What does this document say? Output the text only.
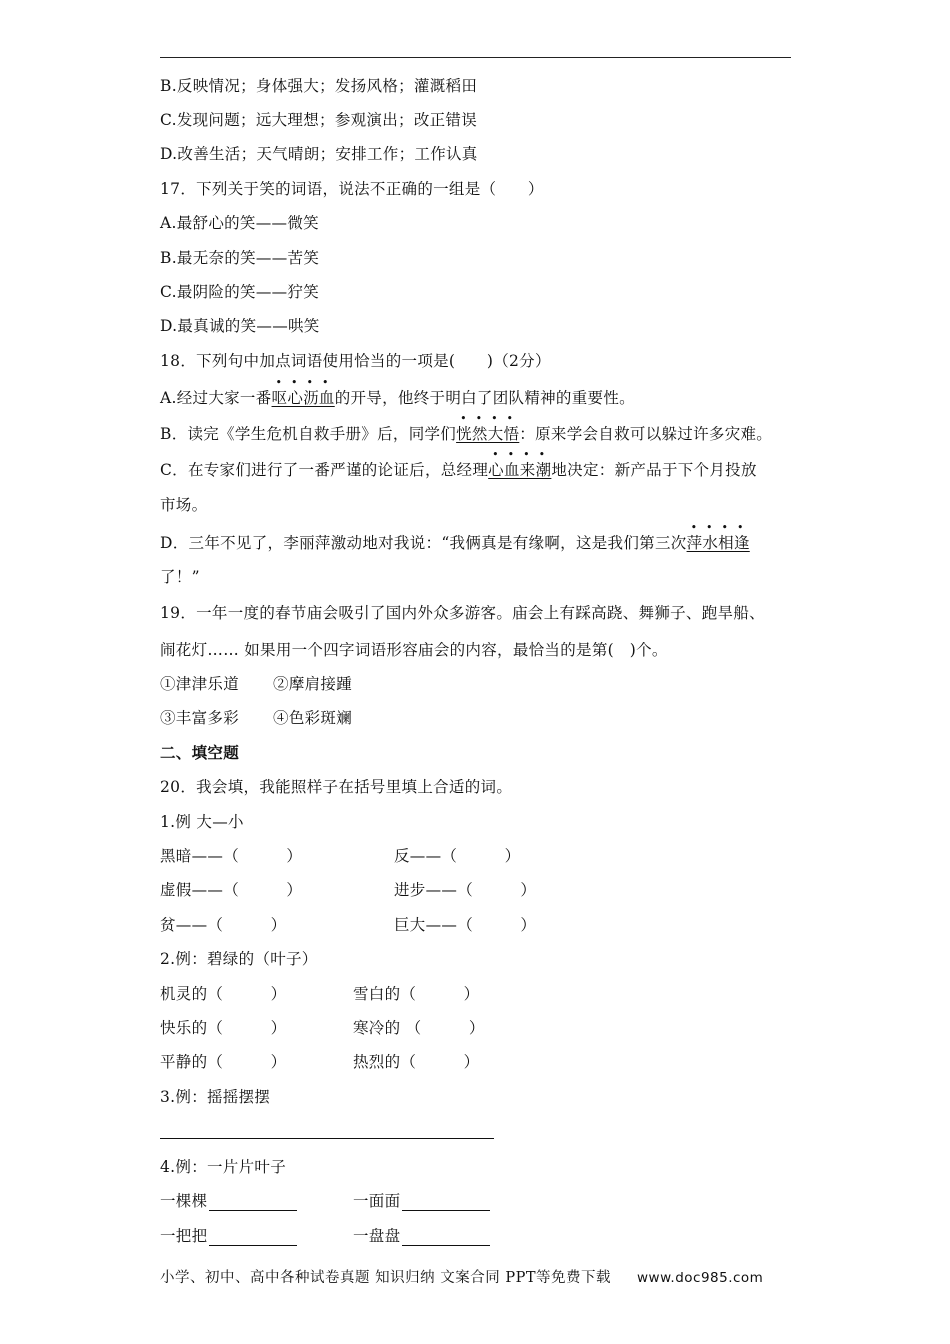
B.反映情况；身体强大；发扬风格；灌溉稻田
C.发现问题；远大理想；参观演出；改正错误
D.改善生活；天气晴朗；安排工作；工作认真
17．下列关于笑的词语，说法不正确的一组是（　　）
A.最舒心的笑——微笑
B.最无奈的笑——苦笑
C.最阴险的笑——狞笑
D.最真诚的笑——哄笑
18．下列句中加点词语使用恰当的一项是(　　)（2分）
A.经过大家一番
••••
呕心沥血的开导，他终于明白了团队精神的重要性。
B．读完《学生危机自救手册》后，同学们
••••
恍然大悟：原来学会自救可以躲过许多灾难。
C．在专家们进行了一番严谨的论证后，总经理
••••
心血来潮地决定：新产品于下个月投放
市场。
D．三年不见了，李丽萍激动地对我说：“我俩真是有缘啊，这是我们第三次
••••
萍水相逢
了！”
19．一年一度的春节庙会吸引了国内外众多游客。庙会上有踩高跷、舞狮子、跑旱船、
闹花灯…… 如果用一个四字词语形容庙会的内容，最恰当的是第(　)个。
①津津乐道 ②摩肩接踵
③丰富多彩 ④色彩斑斓
二、填空题
20．我会填，我能照样子在括号里填上合适的词。
1.例 大—小
黑暗——（　　　）	反——（　　　）
虚假——（　　　）	进步——（　　　）
贫——（　　　）	巨大——（　　　）
2.例：碧绿的（叶子）
机灵的（　　　）	雪白的（　　　）
快乐的（　　　）	寒冷的 （　　　）
平静的（　　　）	热烈的（　　　）
3.例：摇摇摆摆
4.例：一片片叶子
一棵棵	一面面
一把把	一盘盘
小学、初中、高中各种试卷真题 知识归纳 文案合同 PPT等免费下载 www.doc985.com
